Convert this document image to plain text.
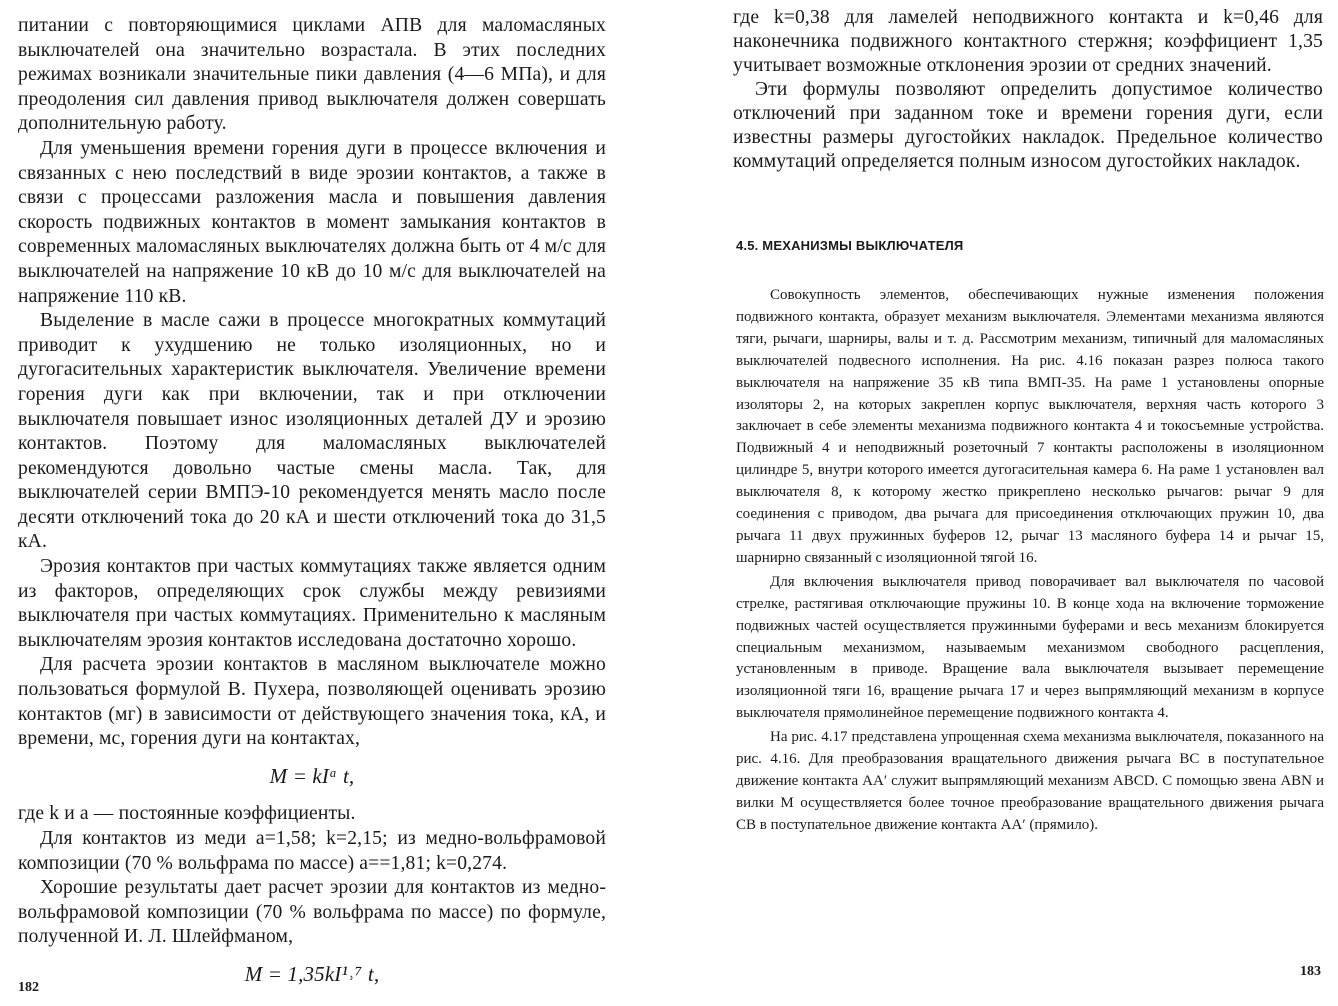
питании с повторяющимися циклами АПВ для маломасляных выключателей она значительно возрастала. В этих последних режимах возникали значительные пики давления (4—6 МПа), и для преодоления сил давления привод выключателя должен совершать дополнительную работу.

Для уменьшения времени горения дуги в процессе включения и связанных с нею последствий в виде эрозии контактов, а также в связи с процессами разложения масла и повышения давления скорость подвижных контактов в момент замыкания контактов в современных маломасляных выключателях должна быть от 4 м/с для выключателей на напряжение 10 кВ до 10 м/с для выключателей на напряжение 110 кВ.

Выделение в масле сажи в процессе многократных коммутаций приводит к ухудшению не только изоляционных, но и дугогасительных характеристик выключателя. Увеличение времени горения дуги как при включении, так и при отключении выключателя повышает износ изоляционных деталей ДУ и эрозию контактов. Поэтому для маломасляных выключателей рекомендуются довольно частые смены масла. Так, для выключателей серии ВМПЭ-10 рекомендуется менять масло после десяти отключений тока до 20 кА и шести отключений тока до 31,5 кА.

Эрозия контактов при частых коммутациях также является одним из факторов, определяющих срок службы между ревизиями выключателя при частых коммутациях. Применительно к масляным выключателям эрозия контактов исследована достаточно хорошо.

Для расчета эрозии контактов в масляном выключателе можно пользоваться формулой В. Пухера, позволяющей оценивать эрозию контактов (мг) в зависимости от действующего значения тока, кА, и времени, мс, горения дуги на контактах,

M = kIᵃ t,

где k и a — постоянные коэффициенты.

Для контактов из меди a=1,58; k=2,15; из медно-вольфрамовой композиции (70 % вольфрама по массе) a==1,81; k=0,274.

Хорошие результаты дает расчет эрозии для контактов из медно-вольфрамовой композиции (70 % вольфрама по массе) по формуле, полученной И. Л. Шлейфманом,

M = 1,35kI¹˒⁷ t,

182

где k=0,38 для ламелей неподвижного контакта и k=0,46 для наконечника подвижного контактного стержня; коэффициент 1,35 учитывает возможные отклонения эрозии от средних значений.

Эти формулы позволяют определить допустимое количество отключений при заданном токе и времени горения дуги, если известны размеры дугостойких накладок. Предельное количество коммутаций определяется полным износом дугостойких накладок.

4.5. МЕХАНИЗМЫ ВЫКЛЮЧАТЕЛЯ

Совокупность элементов, обеспечивающих нужные изменения положения подвижного контакта, образует механизм выключателя. Элементами механизма являются тяги, рычаги, шарниры, валы и т. д. Рассмотрим механизм, типичный для маломасляных выключателей подвесного исполнения. На рис. 4.16 показан разрез полюса такого выключателя на напряжение 35 кВ типа ВМП-35. На раме 1 установлены опорные изоляторы 2, на которых закреплен корпус выключателя, верхняя часть которого 3 заключает в себе элементы механизма подвижного контакта 4 и токосъемные устройства. Подвижный 4 и неподвижный розеточный 7 контакты расположены в изоляционном цилиндре 5, внутри которого имеется дугогасительная камера 6. На раме 1 установлен вал выключателя 8, к которому жестко прикреплено несколько рычагов: рычаг 9 для соединения с приводом, два рычага для присоединения отключающих пружин 10, два рычага 11 двух пружинных буферов 12, рычаг 13 масляного буфера 14 и рычаг 15, шарнирно связанный с изоляционной тягой 16.

Для включения выключателя привод поворачивает вал выключателя по часовой стрелке, растягивая отключающие пружины 10. В конце хода на включение торможение подвижных частей осуществляется пружинными буферами и весь механизм блокируется специальным механизмом, называемым механизмом свободного расцепления, установленным в приводе. Вращение вала выключателя вызывает перемещение изоляционной тяги 16, вращение рычага 17 и через выпрямляющий механизм в корпусе выключателя прямолинейное перемещение подвижного контакта 4.

На рис. 4.17 представлена упрощенная схема механизма выключателя, показанного на рис. 4.16. Для преобразования вращательного движения рычага BC в поступательное движение контакта AA′ служит выпрямляющий механизм ABCD. С помощью звена ABN и вилки M осуществляется более точное преобразование вращательного движения рычага CB в поступательное движение контакта AA′ (прямило).

183
